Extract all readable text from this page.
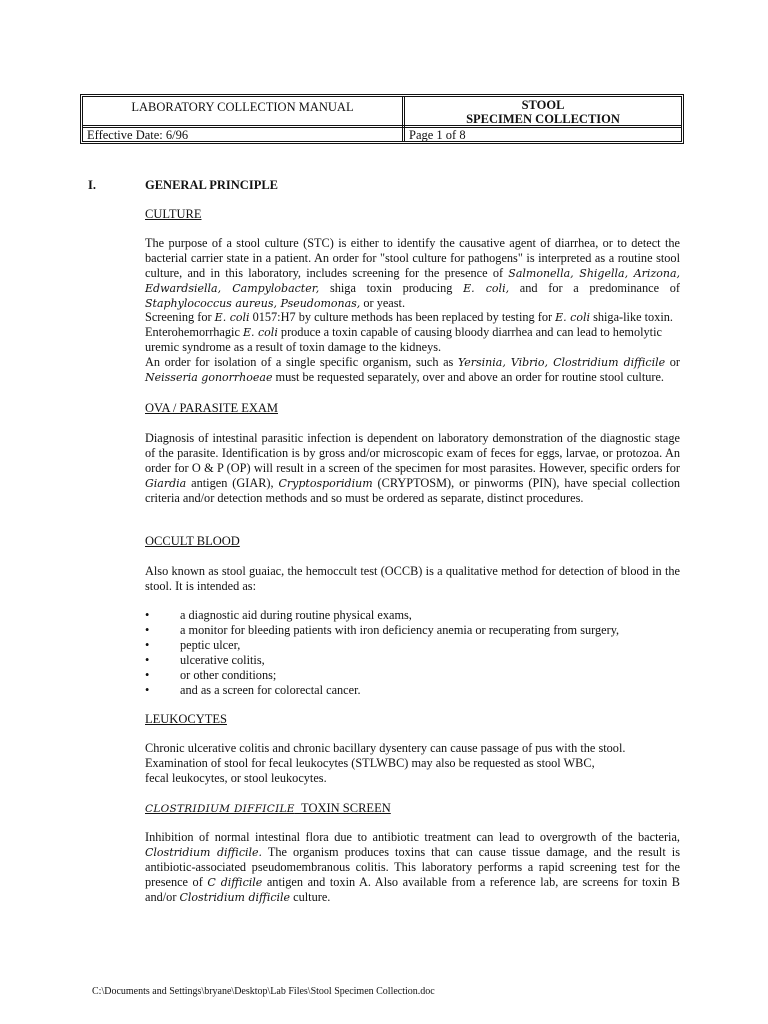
LABORATORY COLLECTION MANUAL	STOOL
SPECIMEN COLLECTION
Effective Date: 6/96	Page 1 of 8
I.	GENERAL PRINCIPLE
CULTURE
The purpose of a stool culture (STC) is either to identify the causative agent of diarrhea, or to detect the bacterial carrier state in a patient. An order for "stool culture for pathogens" is interpreted as a routine stool culture, and in this laboratory, includes screening for the presence of Salmonella, Shigella, Arizona, Edwardsiella, Campylobacter, shiga toxin producing E. coli, and for a predominance of Staphylococcus aureus, Pseudomonas, or yeast.
Screening for E. coli 0157:H7 by culture methods has been replaced by testing for E. coli shiga-like toxin. Enterohemorrhagic E. coli produce a toxin capable of causing bloody diarrhea and can lead to hemolytic uremic syndrome as a result of toxin damage to the kidneys.
An order for isolation of a single specific organism, such as Yersinia, Vibrio, Clostridium difficile or Neisseria gonorrhoeae must be requested separately, over and above an order for routine stool culture.
OVA / PARASITE EXAM
Diagnosis of intestinal parasitic infection is dependent on laboratory demonstration of the diagnostic stage of the parasite. Identification is by gross and/or microscopic exam of feces for eggs, larvae, or protozoa. An order for O & P (OP) will result in a screen of the specimen for most parasites. However, specific orders for Giardia antigen (GIAR), Cryptosporidium (CRYPTOSM), or pinworms (PIN), have special collection criteria and/or detection methods and so must be ordered as separate, distinct procedures.
OCCULT BLOOD
Also known as stool guaiac, the hemoccult test (OCCB) is a qualitative method for detection of blood in the stool. It is intended as:
• a diagnostic aid during routine physical exams,
• a monitor for bleeding patients with iron deficiency anemia or recuperating from surgery,
• peptic ulcer,
• ulcerative colitis,
• or other conditions;
• and as a screen for colorectal cancer.
LEUKOCYTES
Chronic ulcerative colitis and chronic bacillary dysentery can cause passage of pus with the stool.
Examination of stool for fecal leukocytes (STLWBC) may also be requested as stool WBC,
fecal leukocytes, or stool leukocytes.
CLOSTRIDIUM DIFFICILE TOXIN SCREEN
Inhibition of normal intestinal flora due to antibiotic treatment can lead to overgrowth of the bacteria, Clostridium difficile. The organism produces toxins that can cause tissue damage, and the result is antibiotic-associated pseudomembranous colitis. This laboratory performs a rapid screening test for the presence of C difficile antigen and toxin A. Also available from a reference lab, are screens for toxin B and/or Clostridium difficile culture.
C:\Documents and Settings\bryane\Desktop\Lab Files\Stool Specimen Collection.doc
